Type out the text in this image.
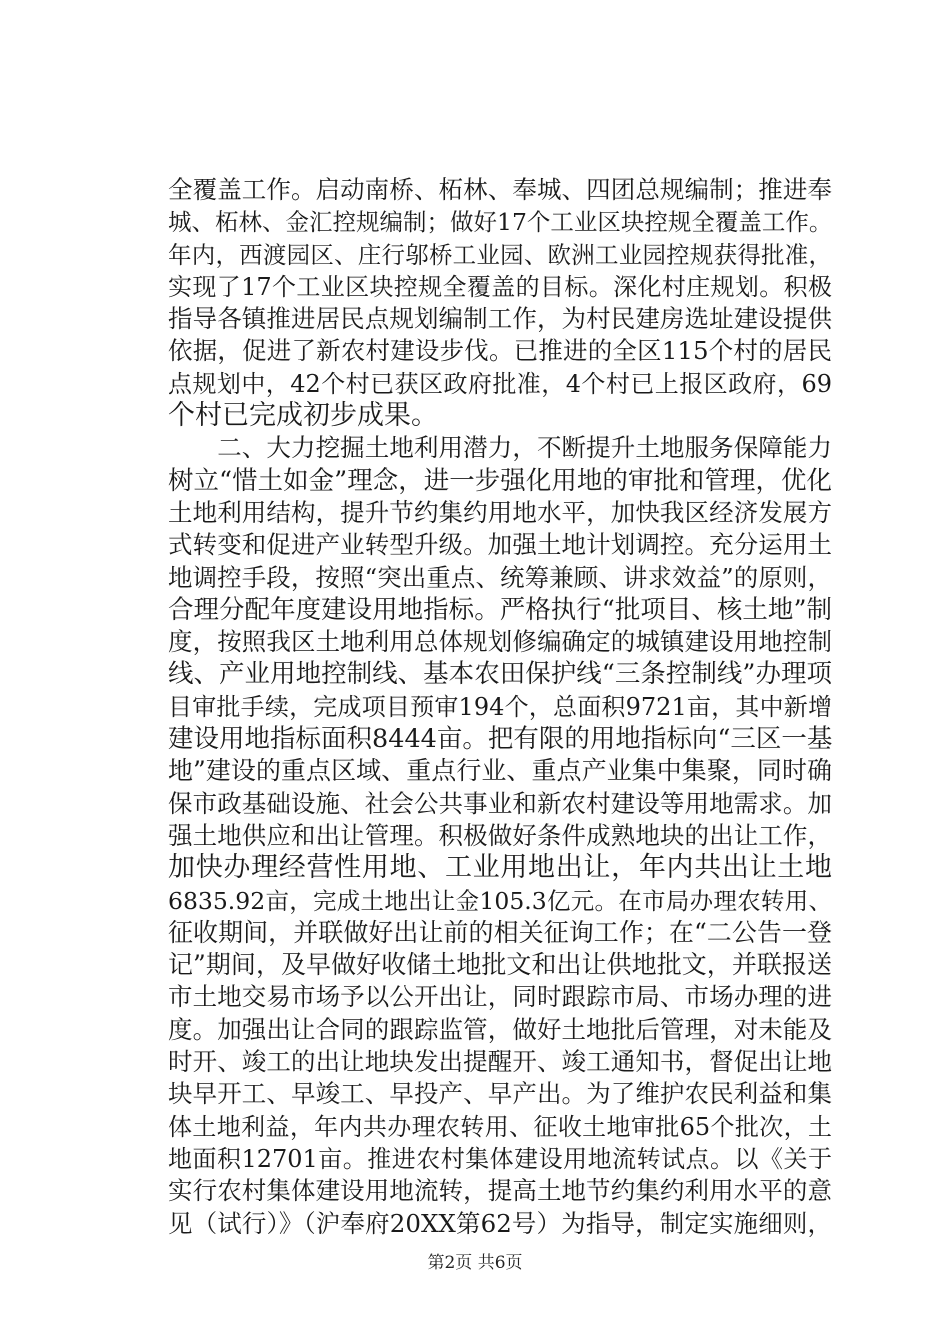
全覆盖工作。启动南桥、柘林、奉城、四团总规编制；推进奉
城、柘林、金汇控规编制；做好17个工业区块控规全覆盖工作。
年内，西渡园区、庄行邬桥工业园、欧洲工业园控规获得批准，
实现了17个工业区块控规全覆盖的目标。深化村庄规划。积极
指导各镇推进居民点规划编制工作，为村民建房选址建设提供
依据，促进了新农村建设步伐。已推进的全区115个村的居民
点规划中，42个村已获区政府批准，4个村已上报区政府，69
个村已完成初步成果。
　　二、大力挖掘土地利用潜力，不断提升土地服务保障能力
树立“惜土如金”理念，进一步强化用地的审批和管理，优化
土地利用结构，提升节约集约用地水平，加快我区经济发展方
式转变和促进产业转型升级。加强土地计划调控。充分运用土
地调控手段，按照“突出重点、统筹兼顾、讲求效益”的原则，
合理分配年度建设用地指标。严格执行“批项目、核土地”制
度，按照我区土地利用总体规划修编确定的城镇建设用地控制
线、产业用地控制线、基本农田保护线“三条控制线”办理项
目审批手续，完成项目预审194个，总面积9721亩，其中新增
建设用地指标面积8444亩。把有限的用地指标向“三区一基
地”建设的重点区域、重点行业、重点产业集中集聚，同时确
保市政基础设施、社会公共事业和新农村建设等用地需求。加
强土地供应和出让管理。积极做好条件成熟地块的出让工作，
加快办理经营性用地、工业用地出让，年内共出让土地
6835.92亩，完成土地出让金105.3亿元。在市局办理农转用、
征收期间，并联做好出让前的相关征询工作；在“二公告一登
记”期间，及早做好收储土地批文和出让供地批文，并联报送
市土地交易市场予以公开出让，同时跟踪市局、市场办理的进
度。加强出让合同的跟踪监管，做好土地批后管理，对未能及
时开、竣工的出让地块发出提醒开、竣工通知书，督促出让地
块早开工、早竣工、早投产、早产出。为了维护农民利益和集
体土地利益，年内共办理农转用、征收土地审批65个批次，土
地面积12701亩。推进农村集体建设用地流转试点。以《关于
实行农村集体建设用地流转，提高土地节约集约利用水平的意
见（试行）》（沪奉府20XX第62号）为指导，制定实施细则，
第2页 共6页
